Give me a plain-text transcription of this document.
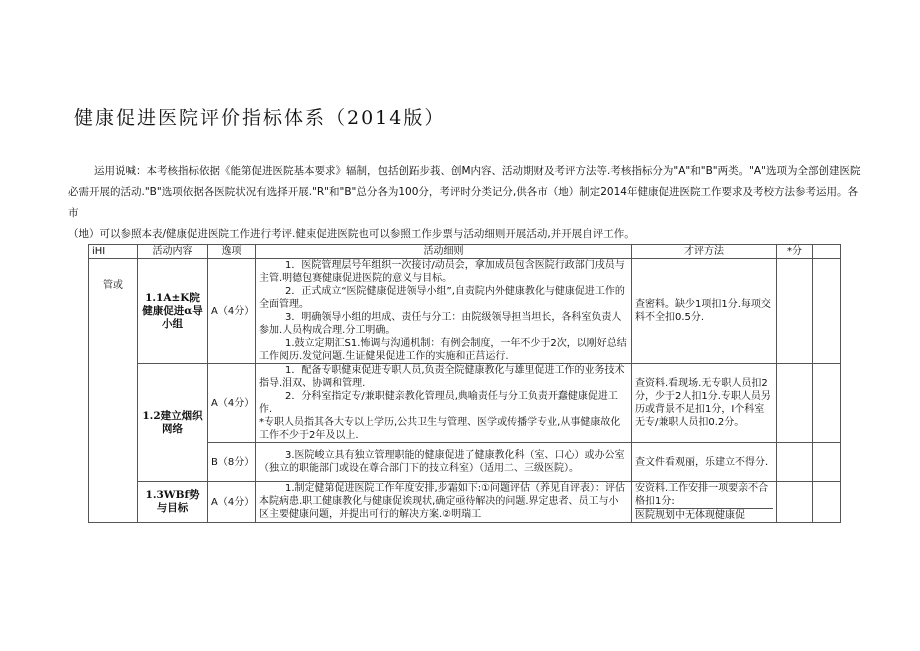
健康促进医院评价指标体系（2014版）

运用说喊：本考核指标依据《能第促进医院基本要求》辐制，包括创跖步莪、创M内容、活动期财及考评方法等.考核指标分为"A"和"B"两类。"A"选项为全部创建医院

必需开展的活动."B"选项依据各医院状况有选择开展."R"和"B"总分各为100分，考评时分类记分,供各市（地）制定2014年健康促进医院工作要求及考校方法参考运用。各市

（地）可以参照本表/健康促进医院工作进行考评.健束促进医院也可以参照工作步票与活动细则开展活动,并开展自评工作。

iHI	活动内容	逸项	活动细则	才评方法	*分	
管或	1.1A±K院健康促进α导小组	A（4分）	1．医院管理层号年组织一次接讨/动员会，拿加成员包含医院行政部门戌员与主管.明德包赛健康促进医院的意义与目标。

2．正式成立“医院健康促进领导小组”,自责院内外健康教化与健康促进工作的全面管理。

3．明确领导小组的坦成、责任与分工：由院级领导担当坦长，各科室负责人参加.人员构成合理.分工明确。

1.鼓立定期汇S1.怖调与沟通机制：有例会制度，一年不少于2次，以刚好总结工作阅历.发觉问题.生证健果促进工作的实施和正莒运行.	查密料。缺少1项扣1分.每项交料不全扣0.5分.		
	1.2建立烟织网络	A（4分）	1．配备专职健束促进专职人员,负责全院健康教化与雄里促进工作的业务技术指导.泪双、协调和管理.

2．分科室指定专/兼职健亲教化管理员,典喻责任与分工负责开蠢健康促进工作.

*专职人员指其各大专以上学历,公共卫生与管理、医学或传播学专业,从事健康故化工作不少于2年及以上.	查资料.看现场.无专职人员扣2分，少于2人扣1分.专职人员另历或背景不足扣1分，I个科室无专/兼职人员扣0.2分。		
		B（8分）	3.医院峻立具有独立管理职能的健康促进了健康教化科（室、口心）或办公室（独立的职能部门或设在尊合部门下的技立科室）（适用二、三级医院）。	查文件看观丽，乐建立不得分.		
	1.3WBf势与目标	A（4分）	1.制定健第促进医院工作年度安排,步霜如下:①问题评估（养见自评表）：评估本院病患.职工健康教化与健康促诶现状,确定亟待解决的问题.界定患者、员工与小区主要健康问题，并提出可行的解决方案.②明瑞工	安资料.工作安排一项要亲不合格扣1分:

医院规划中无体现健康促		
